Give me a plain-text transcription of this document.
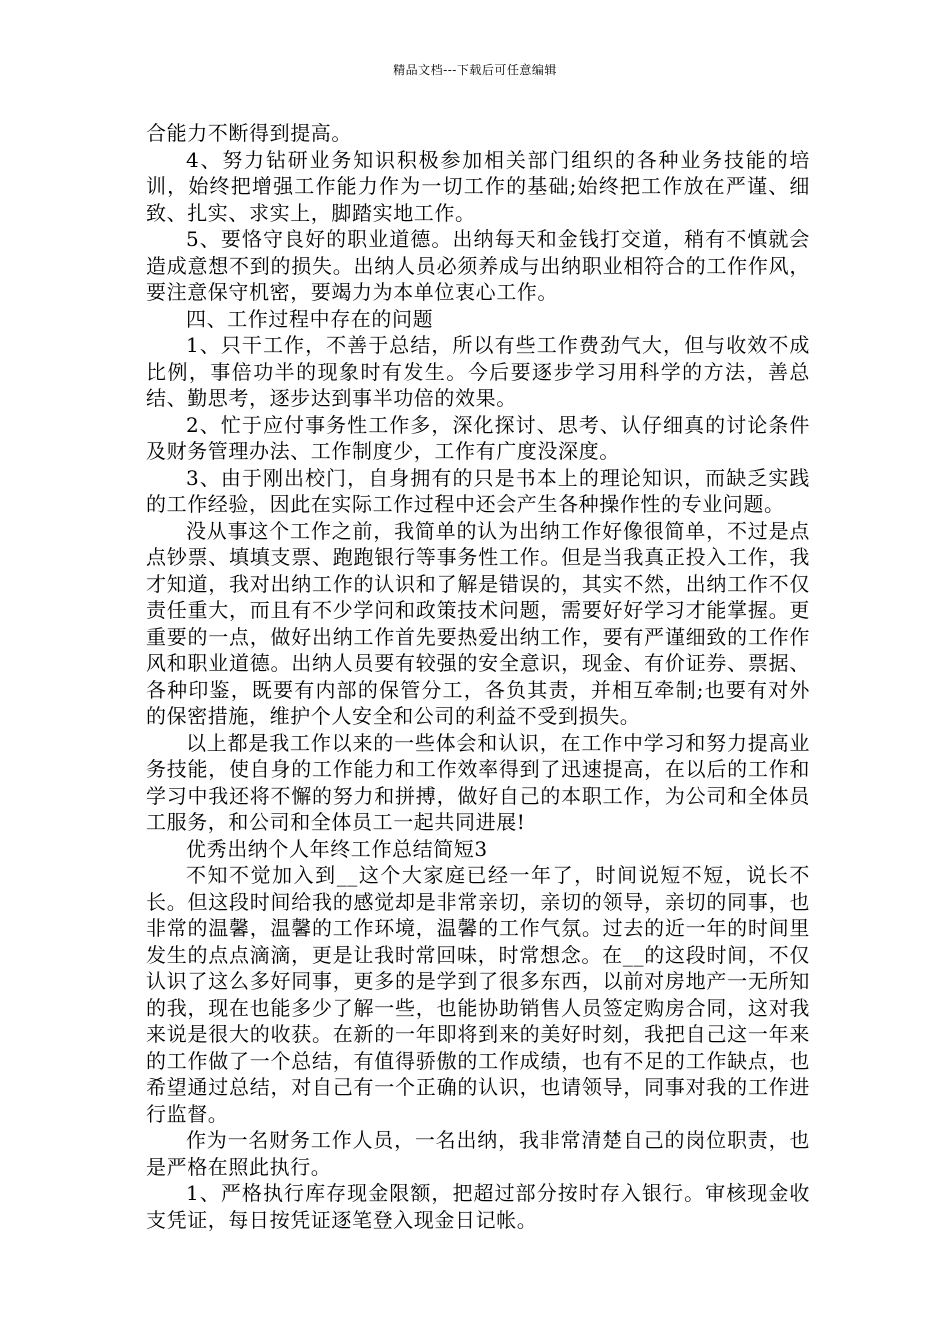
精品文档---下载后可任意编辑

合能力不断得到提高。

4、努力钻研业务知识积极参加相关部门组织的各种业务技能的培训，始终把增强工作能力作为一切工作的基础;始终把工作放在严谨、细致、扎实、求实上，脚踏实地工作。

5、要恪守良好的职业道德。出纳每天和金钱打交道，稍有不慎就会造成意想不到的损失。出纳人员必须养成与出纳职业相符合的工作作风，要注意保守机密，要竭力为本单位衷心工作。

四、工作过程中存在的问题

1、只干工作，不善于总结，所以有些工作费劲气大，但与收效不成比例，事倍功半的现象时有发生。今后要逐步学习用科学的方法，善总结、勤思考，逐步达到事半功倍的效果。

2、忙于应付事务性工作多，深化探讨、思考、认仔细真的讨论条件及财务管理办法、工作制度少，工作有广度没深度。

3、由于刚出校门，自身拥有的只是书本上的理论知识，而缺乏实践的工作经验，因此在实际工作过程中还会产生各种操作性的专业问题。

没从事这个工作之前，我简单的认为出纳工作好像很简单，不过是点点钞票、填填支票、跑跑银行等事务性工作。但是当我真正投入工作，我才知道，我对出纳工作的认识和了解是错误的，其实不然，出纳工作不仅责任重大，而且有不少学问和政策技术问题，需要好好学习才能掌握。更重要的一点，做好出纳工作首先要热爱出纳工作，要有严谨细致的工作作风和职业道德。出纳人员要有较强的安全意识，现金、有价证券、票据、各种印鉴，既要有内部的保管分工，各负其责，并相互牵制;也要有对外的保密措施，维护个人安全和公司的利益不受到损失。

以上都是我工作以来的一些体会和认识，在工作中学习和努力提高业务技能，使自身的工作能力和工作效率得到了迅速提高，在以后的工作和学习中我还将不懈的努力和拼搏，做好自己的本职工作，为公司和全体员工服务，和公司和全体员工一起共同进展!

优秀出纳个人年终工作总结简短3

不知不觉加入到__这个大家庭已经一年了，时间说短不短，说长不长。但这段时间给我的感觉却是非常亲切，亲切的领导，亲切的同事，也非常的温馨，温馨的工作环境，温馨的工作气氛。过去的近一年的时间里发生的点点滴滴，更是让我时常回味，时常想念。在__的这段时间，不仅认识了这么多好同事，更多的是学到了很多东西，以前对房地产一无所知的我，现在也能多少了解一些，也能协助销售人员签定购房合同，这对我来说是很大的收获。在新的一年即将到来的美好时刻，我把自己这一年来的工作做了一个总结，有值得骄傲的工作成绩，也有不足的工作缺点，也希望通过总结，对自己有一个正确的认识，也请领导，同事对我的工作进行监督。

作为一名财务工作人员，一名出纳，我非常清楚自己的岗位职责，也是严格在照此执行。

1、严格执行库存现金限额，把超过部分按时存入银行。审核现金收支凭证，每日按凭证逐笔登入现金日记帐。
